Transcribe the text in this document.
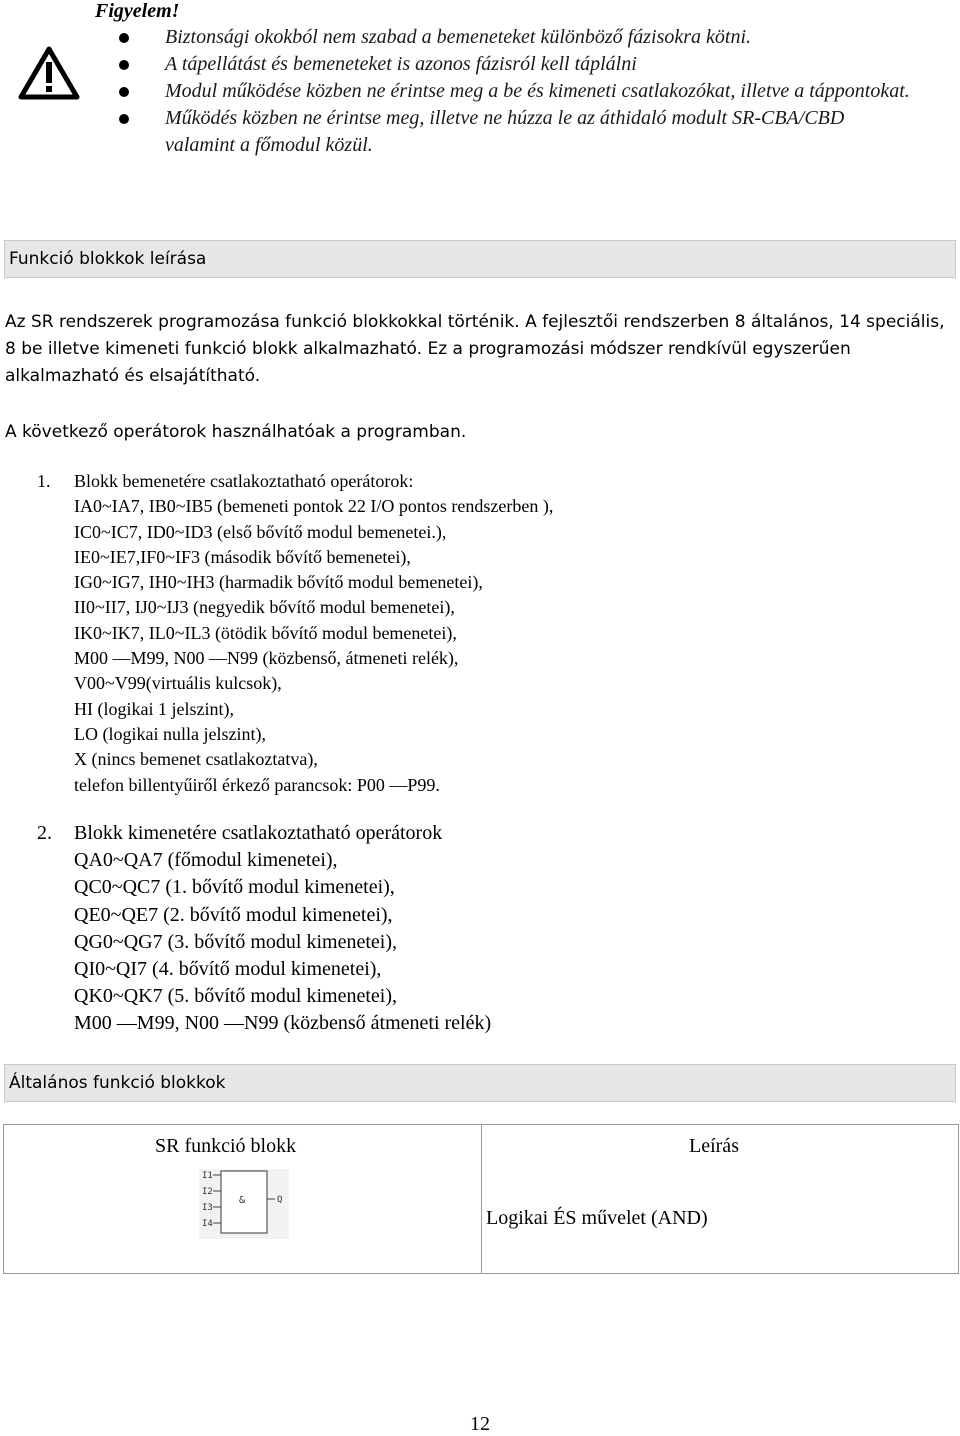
Figyelem!
Biztonsági okokból nem szabad a bemeneteket különböző fázisokra kötni.
A tápellátást és bemeneteket is azonos fázisról kell táplálni
Modul működése közben ne érintse meg a be és kimeneti csatlakozókat, illetve a táppontokat.
Működés közben ne érintse meg, illetve ne húzza le az áthidaló modult SR-CBA/CBD valamint a főmodul közül.
Funkció blokkok leírása
Az SR rendszerek programozása funkció blokkokkal történik. A fejlesztői rendszerben 8 általános, 14 speciális, 8 be illetve kimeneti funkció blokk alkalmazható. Ez a programozási módszer rendkívül egyszerűen alkalmazható és elsajátítható.
A következő operátorok használhatóak a programban.
1. Blokk bemenetére csatlakoztatható operátorok:
IA0~IA7, IB0~IB5 (bemeneti pontok 22 I/O pontos rendszerben ),
IC0~IC7, ID0~ID3 (első bővítő modul bemenetei.),
IE0~IE7,IF0~IF3 (második bővítő bemenetei),
IG0~IG7, IH0~IH3 (harmadik bővítő modul bemenetei),
II0~II7, IJ0~IJ3 (negyedik bővítő modul bemenetei),
IK0~IK7, IL0~IL3 (ötödik bővítő modul bemenetei),
M00 —M99, N00 —N99 (közbenső, átmeneti relék),
V00~V99(virtuális kulcsok),
HI (logikai 1 jelszint),
LO (logikai nulla jelszint),
X (nincs bemenet csatlakoztatva),
telefon billentyűiről érkező parancsok: P00 —P99.
2. Blokk kimenetére csatlakoztatható operátorok
QA0~QA7 (főmodul kimenetei),
QC0~QC7 (1. bővítő modul kimenetei),
QE0~QE7 (2. bővítő modul kimenetei),
QG0~QG7 (3. bővítő modul kimenetei),
QI0~QI7 (4. bővítő modul kimenetei),
QK0~QK7 (5. bővítő modul kimenetei),
M00 —M99, N00 —N99 (közbenső átmeneti relék)
Általános funkció blokkok
SR funkció blokk	Leírás
I1
I2
I3
I4
&	Q
Logikai ÉS művelet (AND)
12
